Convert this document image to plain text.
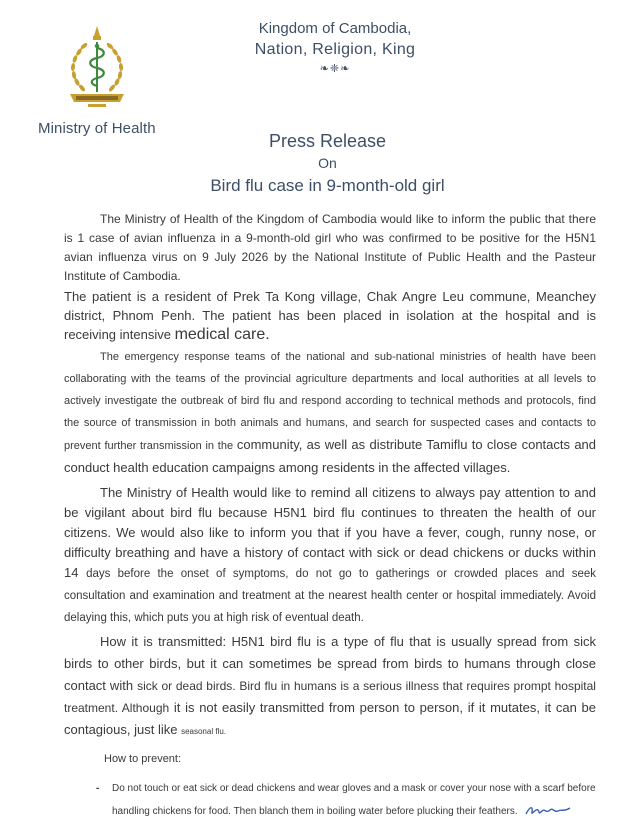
Ministry of Health
Kingdom of Cambodia,
Nation, Religion, King
❧❈❧
Press Release
On
Bird flu case in 9-month-old girl

The Ministry of Health of the Kingdom of Cambodia would like to inform the public that there is 1 case of avian influenza in a 9-month-old girl who was confirmed to be positive for the H5N1 avian influenza virus on 9 July 2026 by the National Institute of Public Health and the Pasteur Institute of Cambodia.

The patient is a resident of Prek Ta Kong village, Chak Angre Leu commune, Meanchey district, Phnom Penh. The patient has been placed in isolation at the hospital and is receiving intensive medical care.

The emergency response teams of the national and sub-national ministries of health have been collaborating with the teams of the provincial agriculture departments and local authorities at all levels to actively investigate the outbreak of bird flu and respond according to technical methods and protocols, find the source of transmission in both animals and humans, and search for suspected cases and contacts to prevent further transmission in the community, as well as distribute Tamiflu to close contacts and conduct health education campaigns among residents in the affected villages.

The Ministry of Health would like to remind all citizens to always pay attention to and be vigilant about bird flu because H5N1 bird flu continues to threaten the health of our citizens. We would also like to inform you that if you have a fever, cough, runny nose, or difficulty breathing and have a history of contact with sick or dead chickens or ducks within 14 days before the onset of symptoms, do not go to gatherings or crowded places and seek consultation and examination and treatment at the nearest health center or hospital immediately. Avoid delaying this, which puts you at high risk of eventual death.

How it is transmitted: H5N1 bird flu is a type of flu that is usually spread from sick birds to other birds, but it can sometimes be spread from birds to humans through close contact with sick or dead birds. Bird flu in humans is a serious illness that requires prompt hospital treatment. Although it is not easily transmitted from person to person, if it mutates, it can be contagious, just like seasonal flu.

How to prevent:
- Do not touch or eat sick or dead chickens and wear gloves and a mask or cover your nose with a scarf before handling chickens for food. Then blanch them in boiling water before plucking their feathers.
